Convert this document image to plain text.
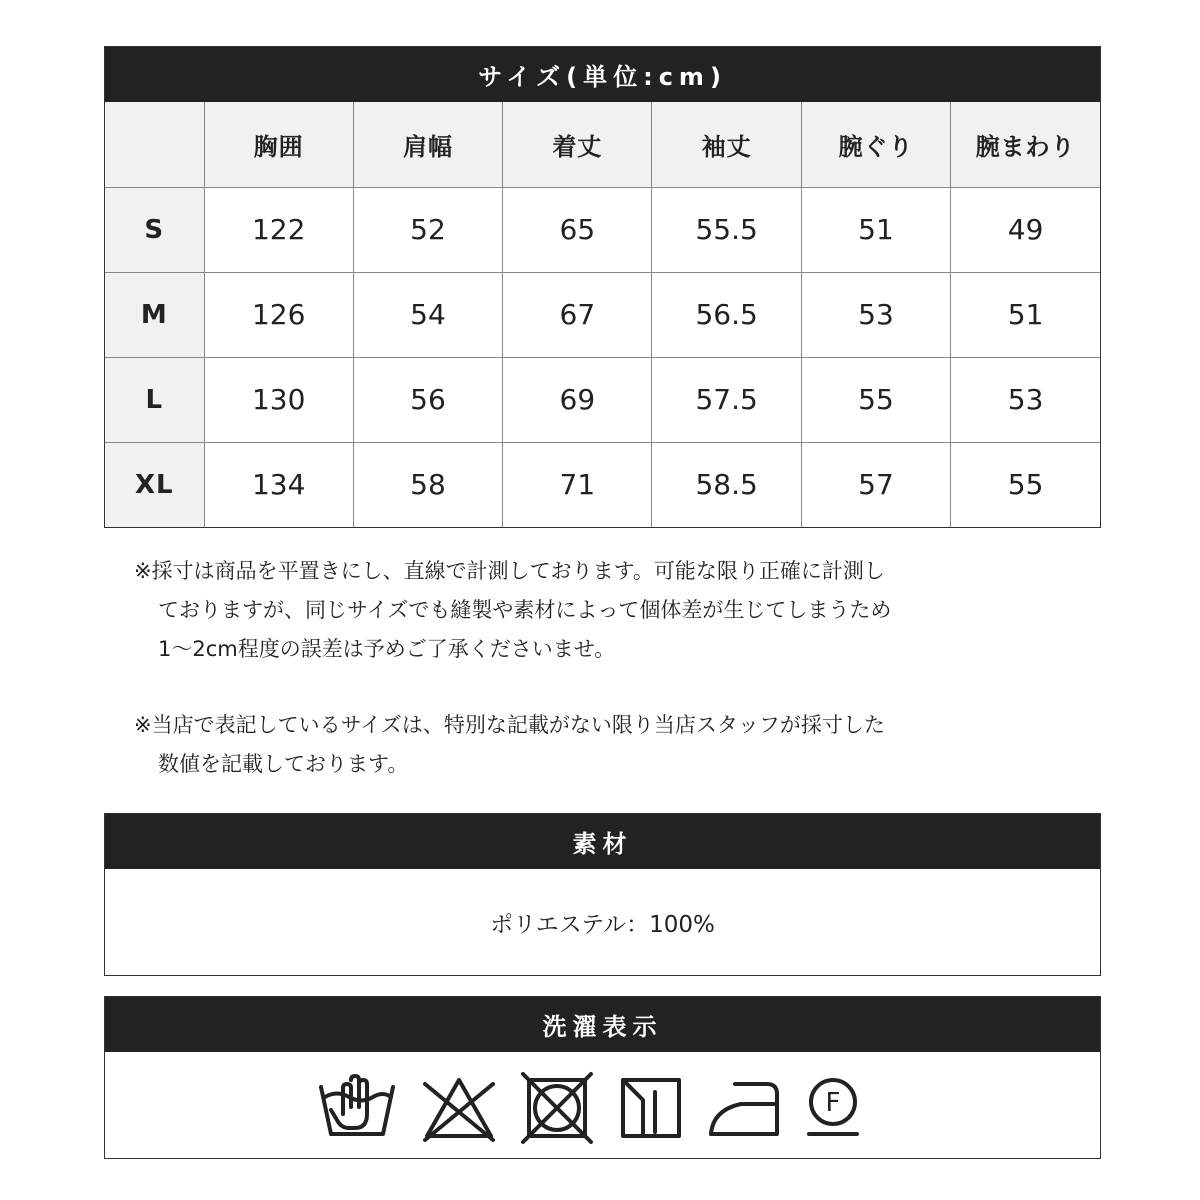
サイズ(単位:cm)
	胸囲	肩幅	着丈	袖丈	腕ぐり	腕まわり
S	122	52	65	55.5	51	49
M	126	54	67	56.5	53	51
L	130	56	69	57.5	55	53
XL	134	58	71	58.5	57	55

※採寸は商品を平置きにし、直線で計測しております。可能な限り正確に計測し

ておりますが、同じサイズでも縫製や素材によって個体差が生じてしまうため

1～2cm程度の誤差は予めご了承くださいませ。

※当店で表記しているサイズは、特別な記載がない限り当店スタッフが採寸した

数値を記載しております。

素材
ポリエステル：100%
洗濯表示
F
